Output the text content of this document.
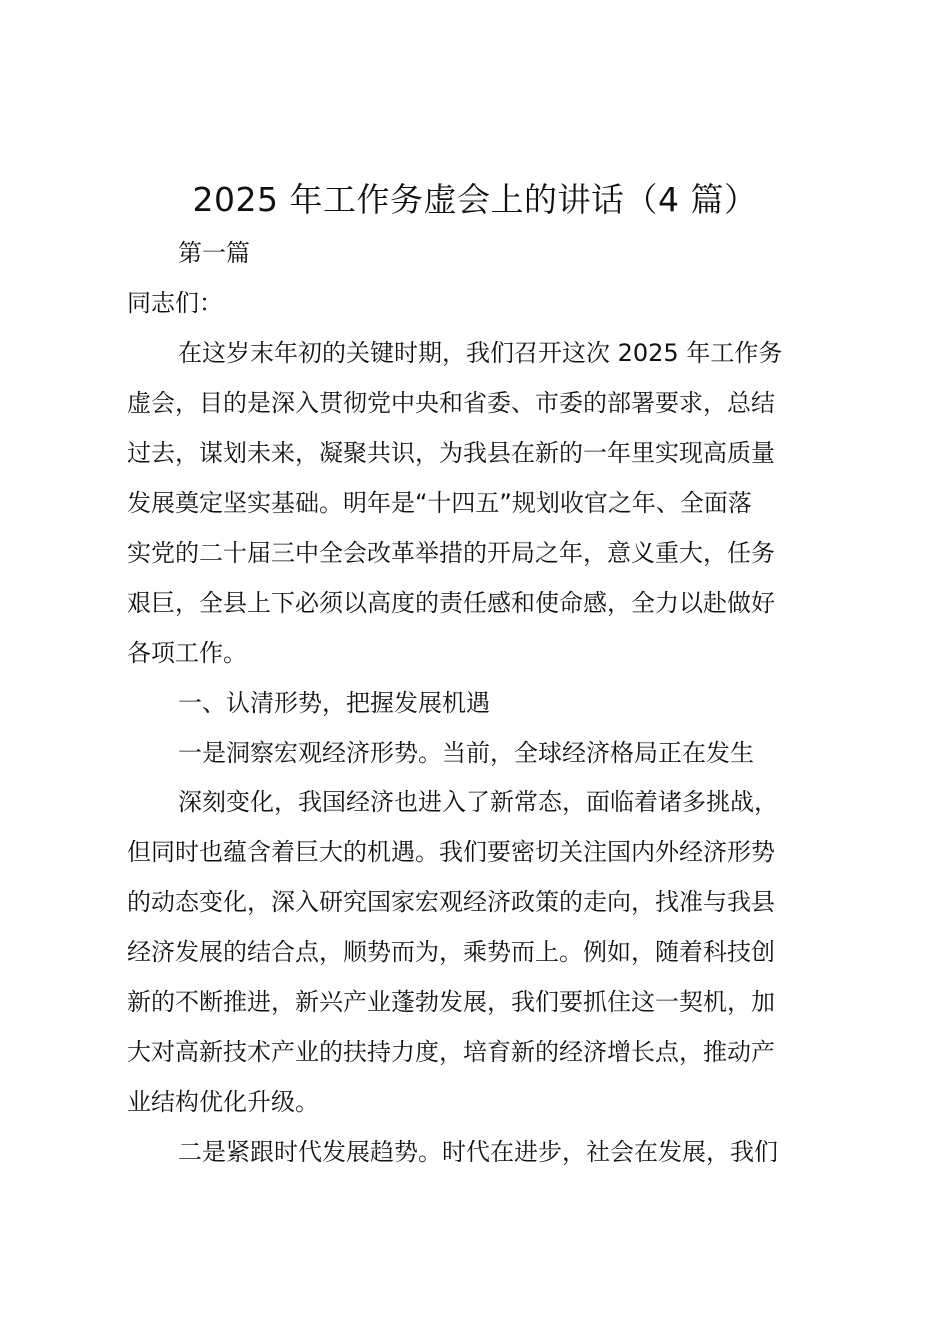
2025 年工作务虚会上的讲话（4 篇）
第一篇
同志们：
在这岁末年初的关键时期，我们召开这次 2025 年工作务
虚会，目的是深入贯彻党中央和省委、市委的部署要求，总结
过去，谋划未来，凝聚共识，为我县在新的一年里实现高质量
发展奠定坚实基础。明年是“十四五”规划收官之年、全面落
实党的二十届三中全会改革举措的开局之年，意义重大，任务
艰巨，全县上下必须以高度的责任感和使命感，全力以赴做好
各项工作。
一、认清形势，把握发展机遇
一是洞察宏观经济形势。当前，全球经济格局正在发生
深刻变化，我国经济也进入了新常态，面临着诸多挑战，
但同时也蕴含着巨大的机遇。我们要密切关注国内外经济形势
的动态变化，深入研究国家宏观经济政策的走向，找准与我县
经济发展的结合点，顺势而为，乘势而上。例如，随着科技创
新的不断推进，新兴产业蓬勃发展，我们要抓住这一契机，加
大对高新技术产业的扶持力度，培育新的经济增长点，推动产
业结构优化升级。
二是紧跟时代发展趋势。时代在进步，社会在发展，我们
